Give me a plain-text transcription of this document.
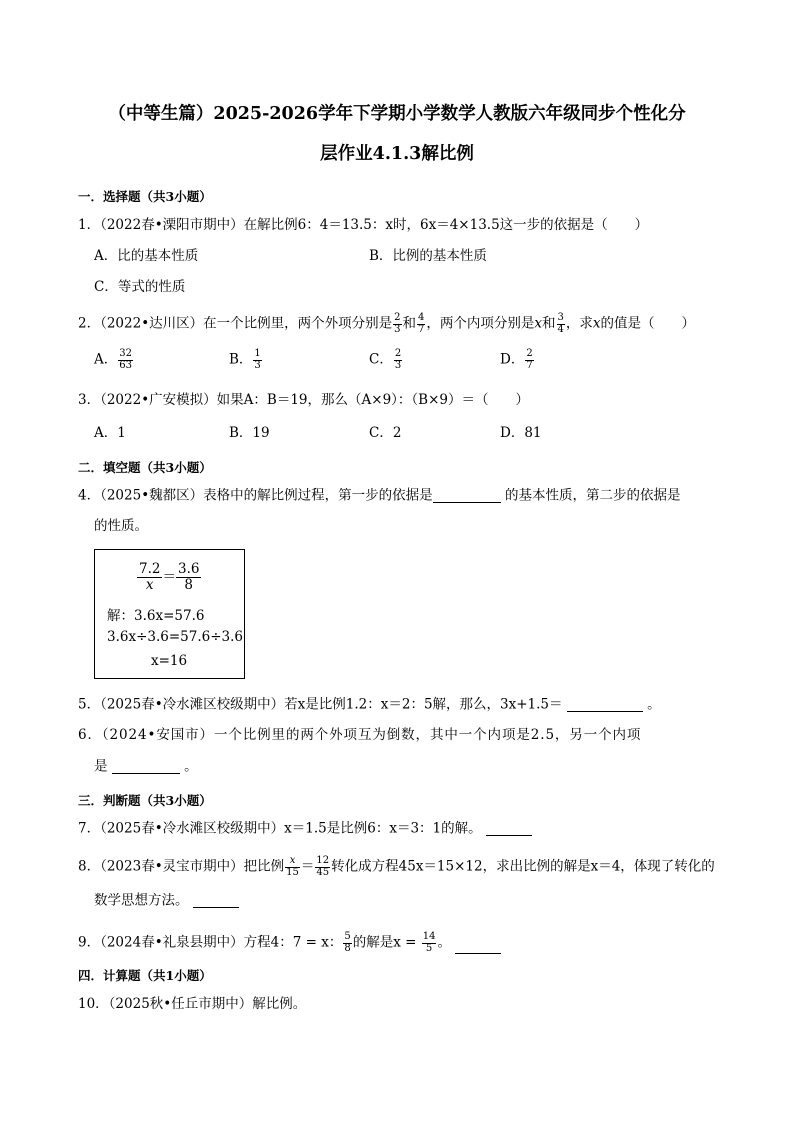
（中等生篇）2025-2026学年下学期小学数学人教版六年级同步个性化分
层作业4.1.3解比例
一．选择题（共3小题）
1．（2022春•溧阳市期中）在解比例6：4＝13.5：x时，6x＝4×13.5这一步的依据是（　　）
A．比的基本性质	B．比例的基本性质
C．等式的性质
2．（2022•达川区）在一个比例里，两个外项分别是 $\frac{2}{3}$ 和 $\frac{4}{7}$ ，两个内项分别是x和 $\frac{3}{4}$ ，求x的值是（　　）
A． $\frac{32}{63}$	B． $\frac{1}{3}$	C． $\frac{2}{3}$	D． $\frac{2}{7}$
3．（2022•广安模拟）如果A：B＝19，那么（A×9）：（B×9）＝（　　）
A．1	B．19	C．2	D．81
二．填空题（共3小题）
4．（2025•魏都区）表格中的解比例过程，第一步的依据是	的基本性质，第二步的依据是
的性质。
$\frac{7.2}{x} = \frac{3.6}{8}$
解：3.6x=57.6
3.6x÷3.6=57.6÷3.6
x=16
5．（2025春•冷水滩区校级期中）若x是比例1.2：x＝2：5解，那么，3x+1.5＝	。
6．（2024•安国市）一个比例里的两个外项互为倒数，其中一个内项是2.5，另一个内项
是	。
三．判断题（共3小题）
7．（2025春•冷水滩区校级期中）x＝1.5是比例6：x＝3：1的解。
8．（2023春•灵宝市期中）把比例 $\frac{x}{15} = \frac{12}{45}$ 转化成方程45x＝15×12，求出比例的解是x＝4，体现了转化的
数学思想方法。
9．（2024春•礼泉县期中）方程4：7 = x： $\frac{5}{8}$ 的解是$x = \frac{14}{5}$ 。
四．计算题（共1小题）
10．（2025秋•任丘市期中）解比例。
